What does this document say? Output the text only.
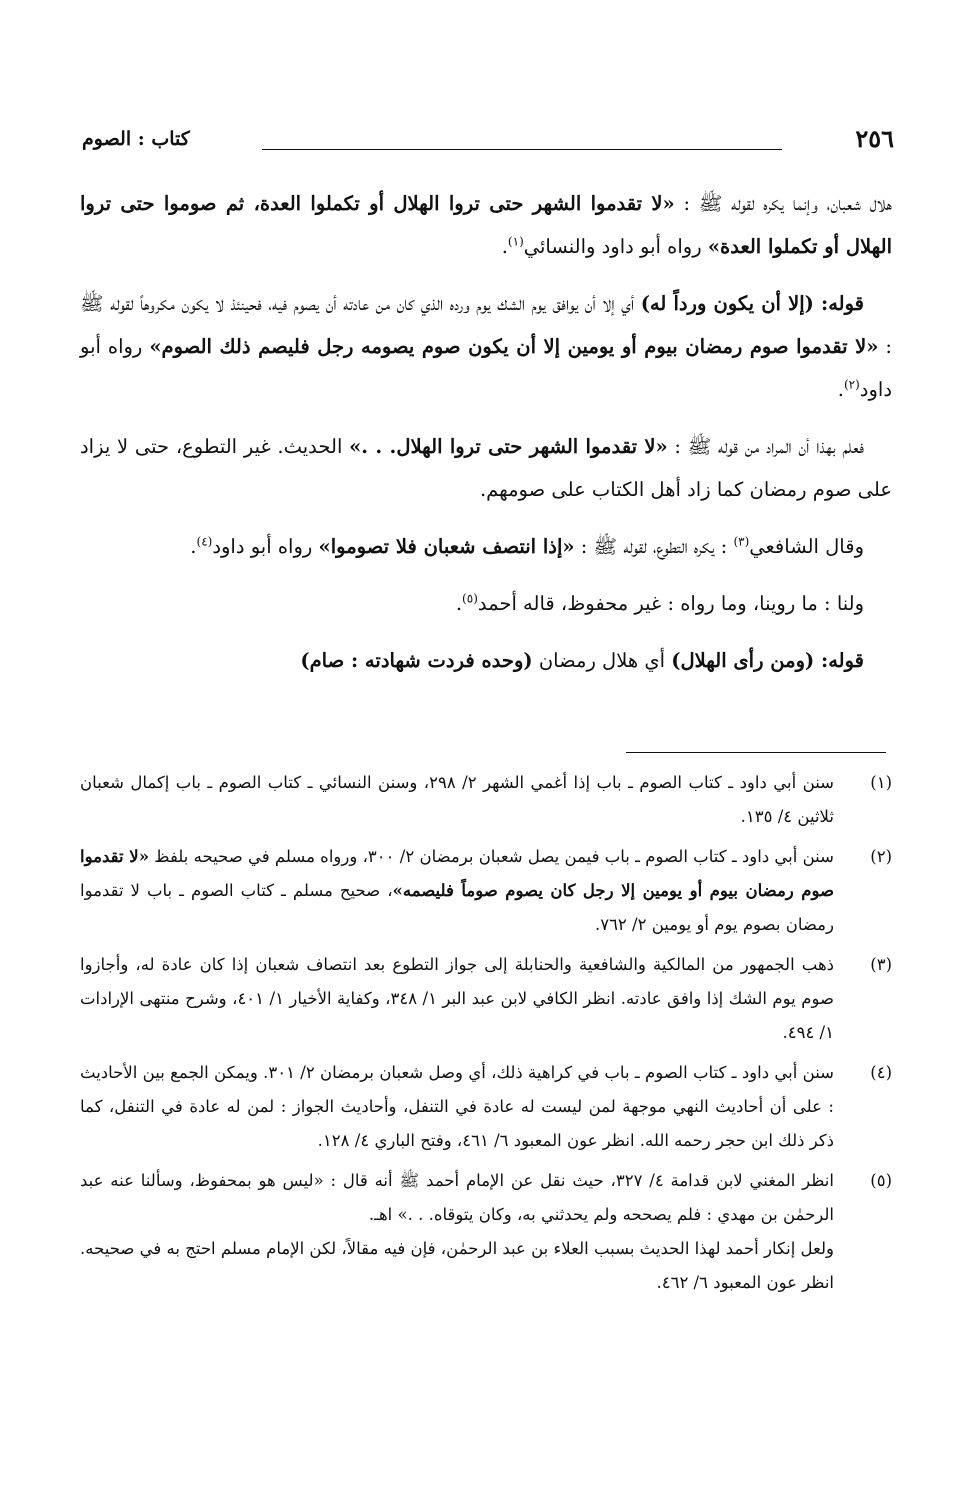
٢٥٦
كتاب : الصوم

هلال شعبان، وإنما يكره لقوله ﷺ : «لا تقدموا الشهر حتى تروا الهلال أو تكملوا العدة، ثم صوموا حتى تروا الهلال أو تكملوا العدة» رواه أبو داود والنسائي$^{(١)}$.

قوله: (إلا أن يكون ورداً له) أي إلا أن يوافق يوم الشك يوم ورده الذي كان من عادته أن يصوم فيه، فحينئذ لا يكون مكروهاً لقوله ﷺ : «لا تقدموا صوم رمضان بيوم أو يومين إلا أن يكون صوم يصومه رجل فليصم ذلك الصوم» رواه أبو داود$^{(٢)}$.

فعلم بهذا أن المراد من قوله ﷺ : «لا تقدموا الشهر حتى تروا الهلال. . .» الحديث. غير التطوع، حتى لا يزاد على صوم رمضان كما زاد أهل الكتاب على صومهم.

وقال الشافعي$^{(٣)}$ : يكره التطوع، لقوله ﷺ : «إذا انتصف شعبان فلا تصوموا» رواه أبو داود$^{(٤)}$.

ولنا : ما روينا، وما رواه : غير محفوظ، قاله أحمد$^{(٥)}$.

قوله: (ومن رأى الهلال) أي هلال رمضان (وحده فردت شهادته : صام)

(١)
سنن أبي داود ـ كتاب الصوم ـ باب إذا أغمي الشهر ٢/ ٢٩٨، وسنن النسائي ـ كتاب الصوم ـ باب إكمال شعبان ثلاثين ٤/ ١٣٥.
(٢)
سنن أبي داود ـ كتاب الصوم ـ باب فيمن يصل شعبان برمضان ٢/ ٣٠٠، ورواه مسلم في صحيحه بلفظ «لا تقدموا صوم رمضان بيوم أو يومين إلا رجل كان يصوم صوماً فليصمه»، صحيح مسلم ـ كتاب الصوم ـ باب لا تقدموا رمضان بصوم يوم أو يومين ٢/ ٧٦٢.
(٣)
ذهب الجمهور من المالكية والشافعية والحنابلة إلى جواز التطوع بعد انتصاف شعبان إذا كان عادة له، وأجازوا صوم يوم الشك إذا وافق عادته. انظر الكافي لابن عبد البر ١/ ٣٤٨، وكفاية الأخيار ١/ ٤٠١، وشرح منتهى الإرادات ١/ ٤٩٤.
(٤)
سنن أبي داود ـ كتاب الصوم ـ باب في كراهية ذلك، أي وصل شعبان برمضان ٢/ ٣٠١. ويمكن الجمع بين الأحاديث : على أن أحاديث النهي موجهة لمن ليست له عادة في التنفل، وأحاديث الجواز : لمن له عادة في التنفل، كما ذكر ذلك ابن حجر رحمه الله. انظر عون المعبود ٦/ ٤٦١، وفتح الباري ٤/ ١٢٨.
(٥)
انظر المغني لابن قدامة ٤/ ٣٢٧، حيث نقل عن الإمام أحمد ﷺ أنه قال : «ليس هو بمحفوظ، وسألنا عنه عبد الرحمٰن بن مهدي : فلم يصححه ولم يحدثني به، وكان يتوقاه. . .» اهـ.
ولعل إنكار أحمد لهذا الحديث بسبب العلاء بن عبد الرحمٰن، فإن فيه مقالاً، لكن الإمام مسلم احتج به في صحيحه. انظر عون المعبود ٦/ ٤٦٢.
